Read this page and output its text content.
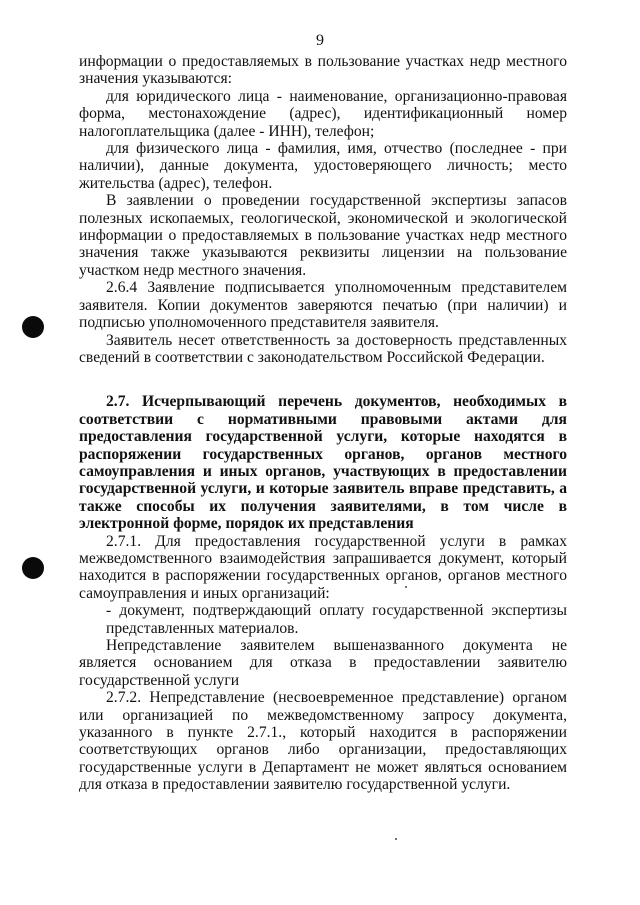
9

информации о предоставляемых в пользование участках недр местного значения указываются:

для юридического лица - наименование, организационно-правовая форма, местонахождение (адрес), идентификационный номер налогоплательщика (далее - ИНН), телефон;

для физического лица - фамилия, имя, отчество (последнее - при наличии), данные документа, удостоверяющего личность; место жительства (адрес), телефон.

В заявлении о проведении государственной экспертизы запасов полезных ископаемых, геологической, экономической и экологической информации о предоставляемых в пользование участках недр местного значения также указываются реквизиты лицензии на пользование участком недр местного значения.

2.6.4 Заявление подписывается уполномоченным представителем заявителя. Копии документов заверяются печатью (при наличии) и подписью уполномоченного представителя заявителя.

Заявитель несет ответственность за достоверность представленных сведений в соответствии с законодательством Российской Федерации.

2.7. Исчерпывающий перечень документов, необходимых в соответствии с нормативными правовыми актами для предоставления государственной услуги, которые находятся в распоряжении государственных органов, органов местного самоуправления и иных органов, участвующих в предоставлении государственной услуги, и которые заявитель вправе представить, а также способы их получения заявителями, в том числе в электронной форме, порядок их представления

2.7.1. Для предоставления государственной услуги в рамках межведомственного взаимодействия запрашивается документ, который находится в распоряжении государственных органов, органов местного самоуправления и иных организаций:

- документ, подтверждающий оплату государственной экспертизы представленных материалов.

Непредставление заявителем вышеназванного документа не является основанием для отказа в предоставлении заявителю государственной услуги

2.7.2. Непредставление (несвоевременное представление) органом или организацией по межведомственному запросу документа, указанного в пункте 2.7.1., который находится в распоряжении соответствующих органов либо организации, предоставляющих государственные услуги в Департамент не может являться основанием для отказа в предоставлении заявителю государственной услуги.
